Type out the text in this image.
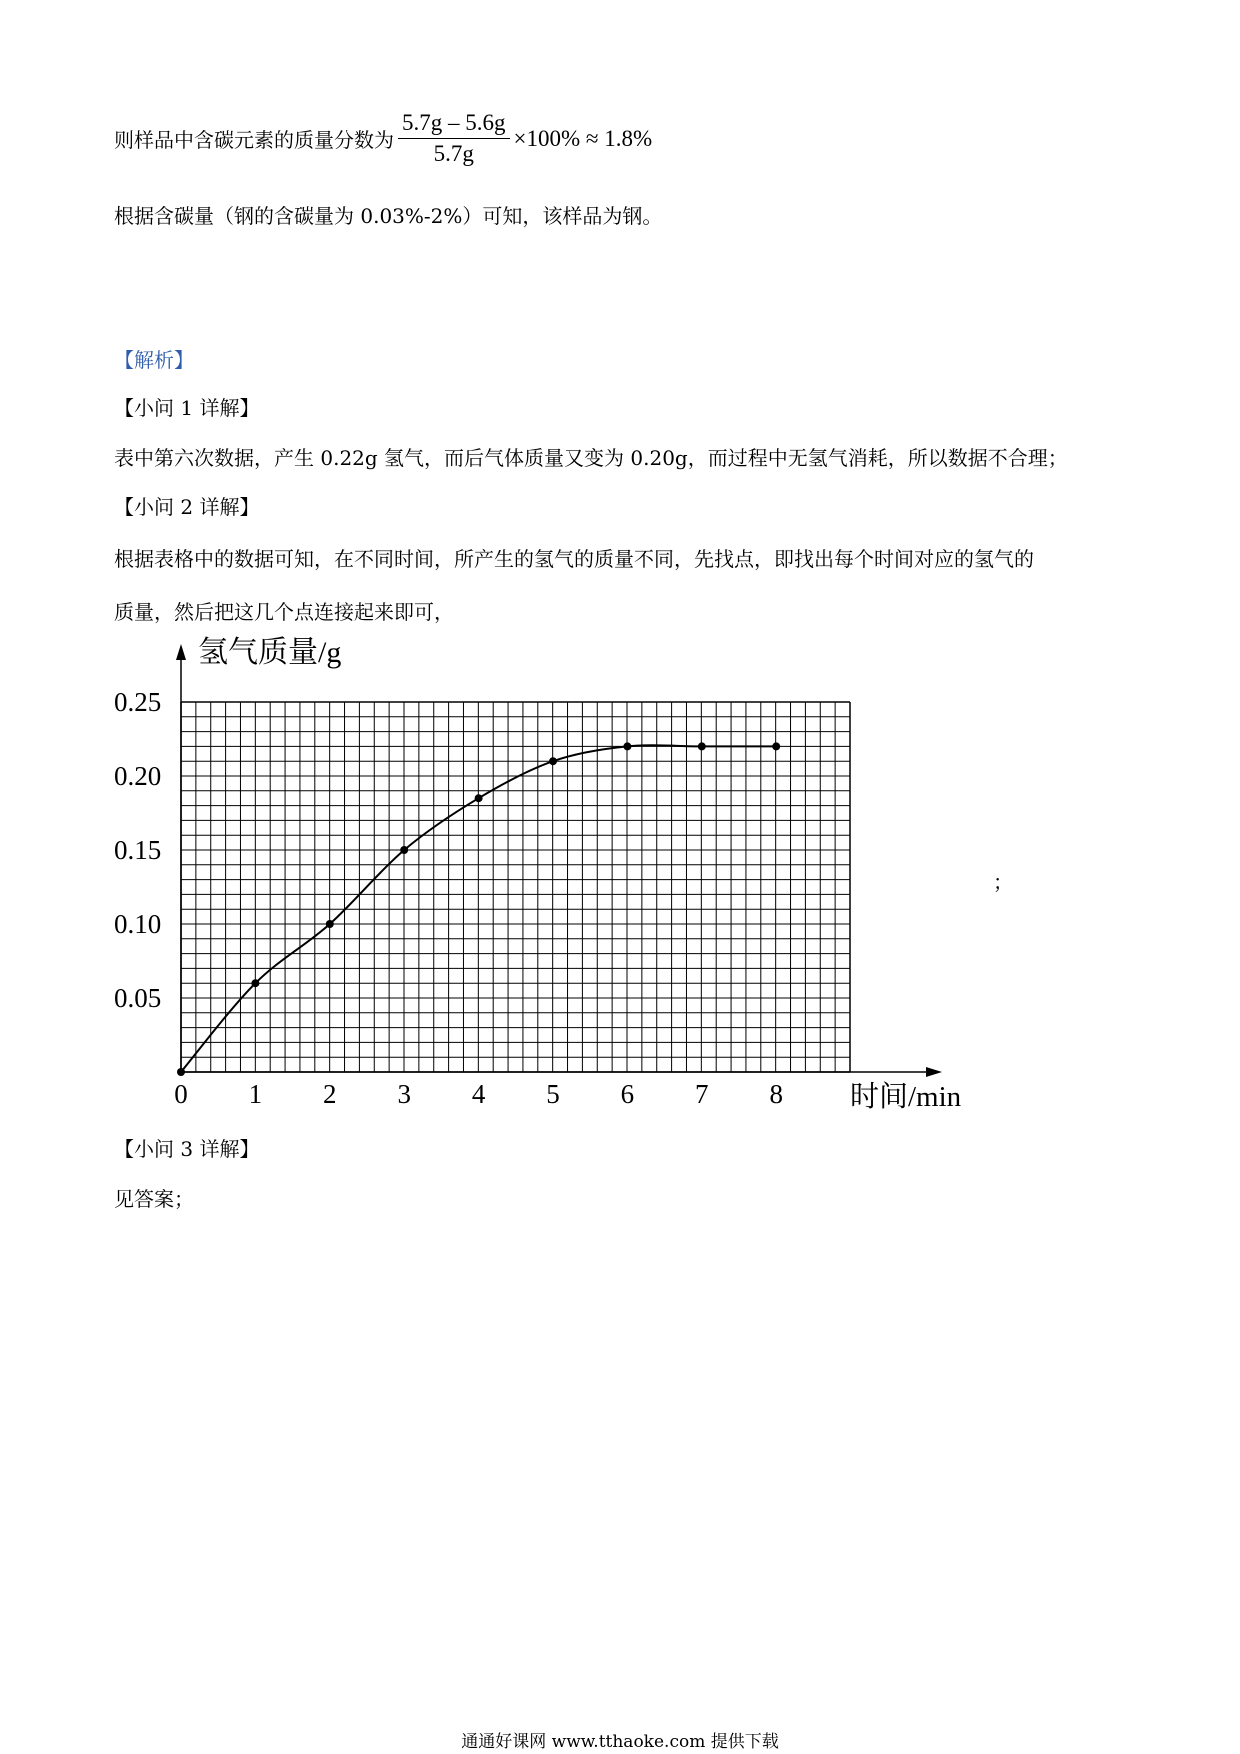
则样品中含碳元素的质量分数为 $\frac{5.7g - 5.6g}{5.7g} \times 100\% \approx 1.8\%$
根据含碳量（钢的含碳量为 0.03%-2%）可知，该样品为钢。
【解析】
【小问 1 详解】
表中第六次数据，产生 0.22g 氢气，而后气体质量又变为 0.20g，而过程中无氢气消耗，所以数据不合理；
【小问 2 详解】
根据表格中的数据可知，在不同时间，所产生的氢气的质量不同，先找点，即找出每个时间对应的氢气的
质量，然后把这几个点连接起来即可，
氢气质量/g
时间/min
0 1 2 3 4 5 6 7 8
0.05
0.10
0.15
0.20
0.25
；
【小问 3 详解】
见答案；
通通好课网 www.tthaoke.com 提供下载
